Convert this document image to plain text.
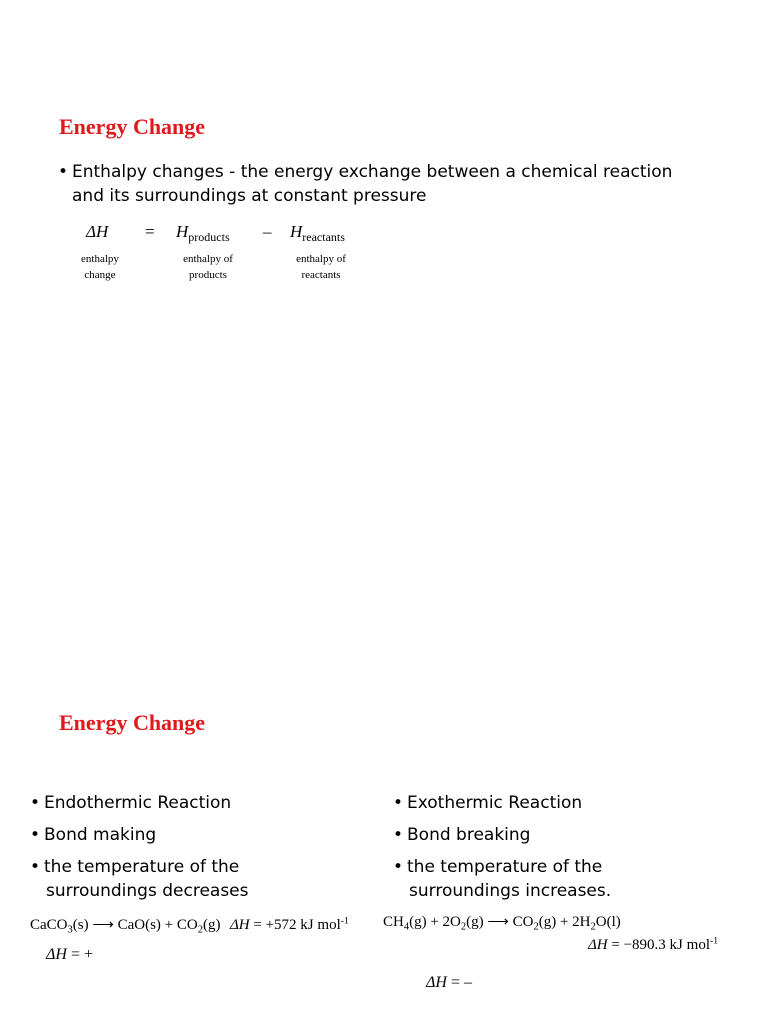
Energy Change
• Enthalpy changes - the energy exchange between a chemical reaction
and its surroundings at constant pressure
$\Delta H = H_{products} - H_{reactants}$
enthalpy
change
enthalpy of
products
enthalpy of
reactants
Energy Change
• Endothermic Reaction
• Bond making
• the temperature of the
surroundings decreases
CaCO$_3$(s) ⟶ $CaO(s) + CO_2(g) \Delta H = +572$ kJ mol$^{-1}$
ΔH = +
• Exothermic Reaction
• Bond breaking
• the temperature of the
surroundings increases.
$CH_4(g) + 2O_2(g)$ ⟶ $CO_2(g) + 2H_2O(l)$
ΔH = −890.3 kJ mol$^{-1}$
ΔH = –
